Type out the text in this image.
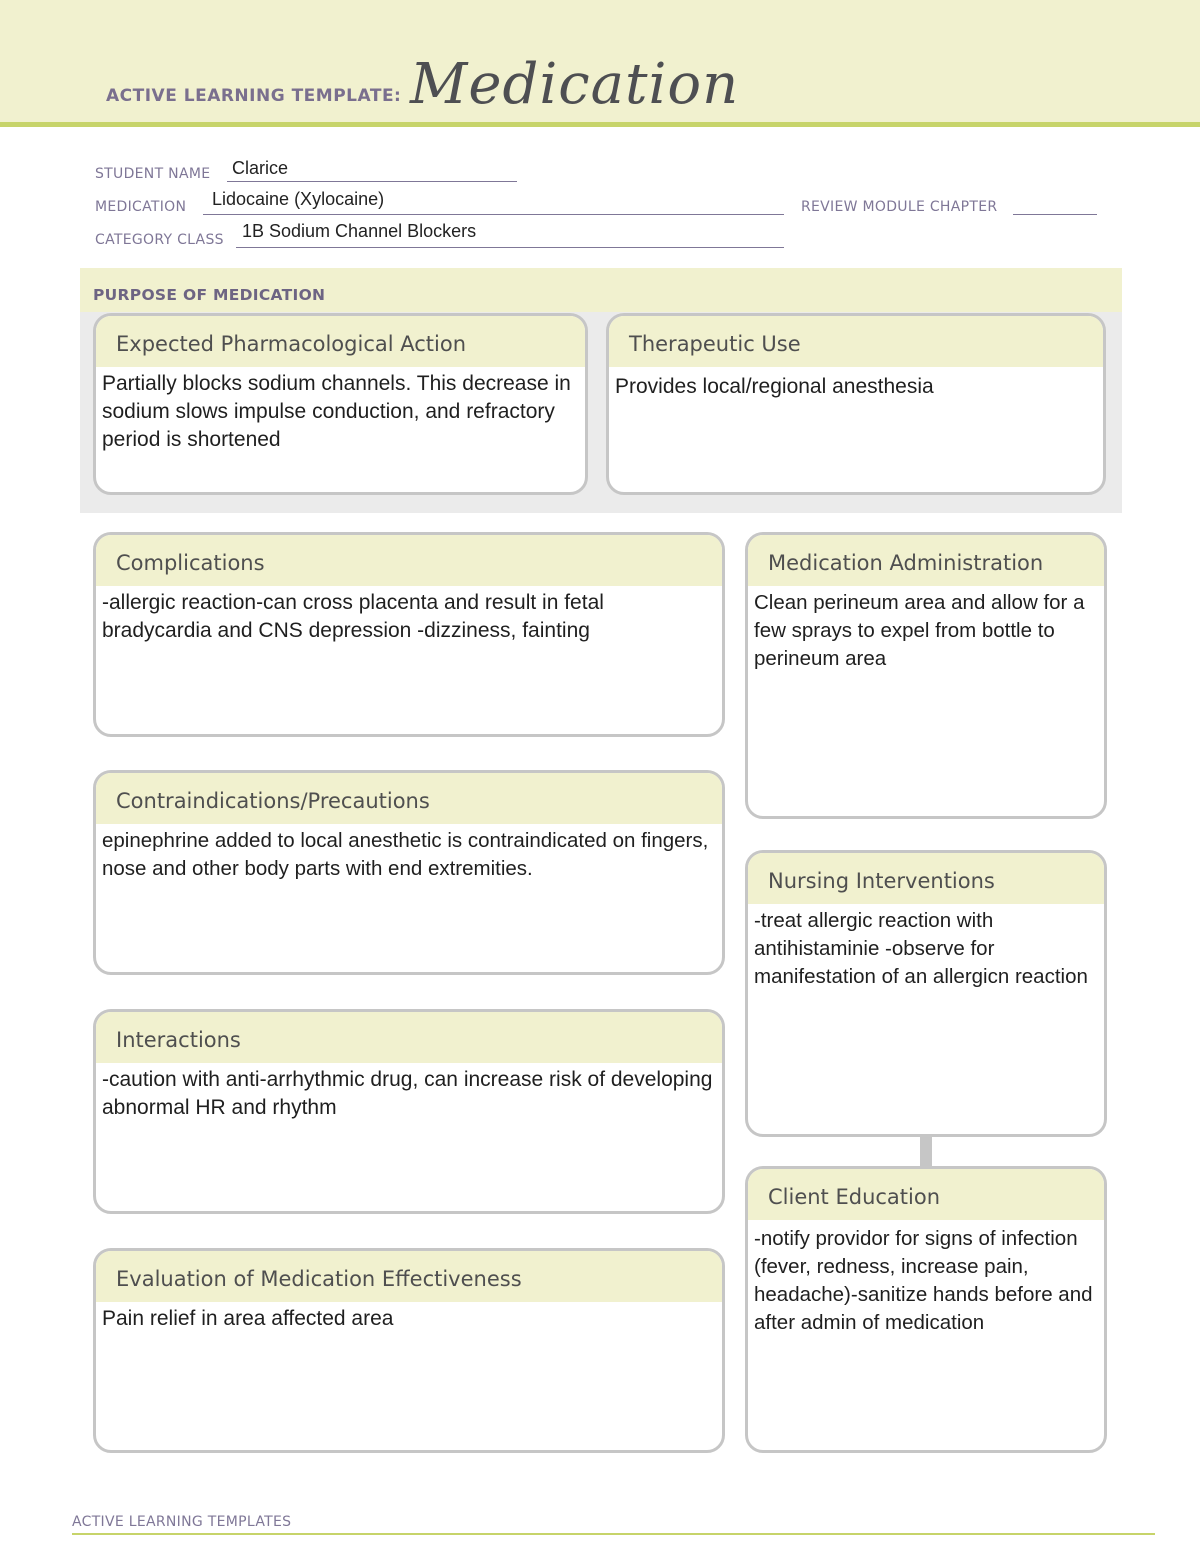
ACTIVE LEARNING TEMPLATE: Medication
STUDENT NAME Clarice
MEDICATION Lidocaine (Xylocaine)	REVIEW MODULE CHAPTER
CATEGORY CLASS 1B Sodium Channel Blockers
PURPOSE OF MEDICATION
Expected Pharmacological Action
Partially blocks sodium channels. This decrease in sodium slows impulse conduction, and refractory period is shortened
Therapeutic Use
Provides local/regional anesthesia
Complications
-allergic reaction-can cross placenta and result in fetal bradycardia and CNS depression -dizziness, fainting
Contraindications/Precautions
epinephrine added to local anesthetic is contraindicated on fingers, nose and other body parts with end extremities.
Interactions
-caution with anti-arrhythmic drug, can increase risk of developing abnormal HR and rhythm
Evaluation of Medication Effectiveness
Pain relief in area affected area
Medication Administration
Clean perineum area and allow for a few sprays to expel from bottle to perineum area
Nursing Interventions
-treat allergic reaction with antihistaminie -observe for manifestation of an allergicn reaction
Client Education
-notify providor for signs of infection (fever, redness, increase pain, headache)-sanitize hands before and after admin of medication
ACTIVE LEARNING TEMPLATES
